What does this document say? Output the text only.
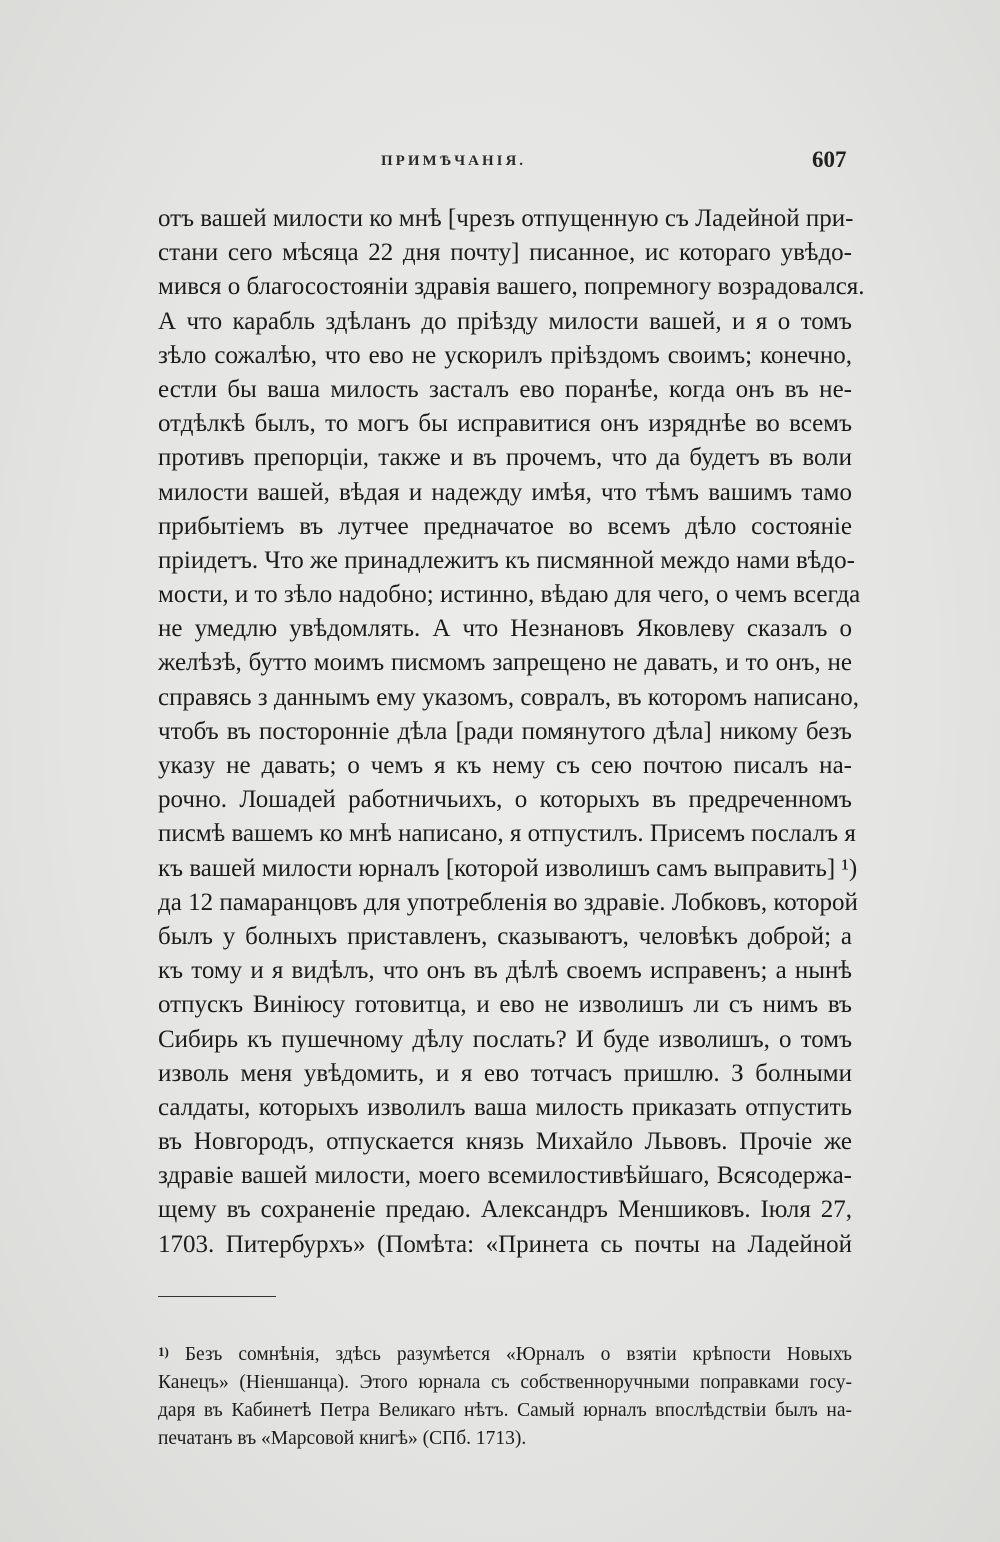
ПРИМѢЧАНІЯ.	607
отъ вашей милости ко мнѣ [чрезъ отпущенную съ Ладейной при-
стани сего мѣсяца 22 дня почту] писанное, ис котораго увѣдо-
мився о благосостояніи здравія вашего, попремногу возрадовался.
А что карабль здѣланъ до пріѣзду милости вашей, и я о томъ
зѣло сожалѣю, что ево не ускорилъ пріѣздомъ своимъ; конечно,
естли бы ваша милость засталъ ево поранѣе, когда онъ въ не-
отдѣлкѣ былъ, то могъ бы исправитися онъ изряднѣе во всемъ
противъ препорціи, также и въ прочемъ, что да будетъ въ воли
милости вашей, вѣдая и надежду имѣя, что тѣмъ вашимъ тамо
прибытіемъ въ лутчее предначатое во всемъ дѣло состояніе
пріидетъ. Что же принадлежитъ къ писмянной междо нами вѣдо-
мости, и то зѣло надобно; истинно, вѣдаю для чего, о чемъ всегда
не умедлю увѣдомлять. А что Незнановъ Яковлеву сказалъ о
желѣзѣ, бутто моимъ писмомъ запрещено не давать, и то онъ, не
справясь з даннымъ ему указомъ, совралъ, въ которомъ написано,
чтобъ въ посторонніе дѣла [ради помянутого дѣла] никому безъ
указу не давать; о чемъ я къ нему съ сею почтою писалъ на-
рочно. Лошадей работничьихъ, о которыхъ въ предреченномъ
писмѣ вашемъ ко мнѣ написано, я отпустилъ. Присемъ послалъ я
къ вашей милости юрналъ [которой изволишъ самъ выправить] ¹)
да 12 памаранцовъ для употребленія во здравіе. Лобковъ, которой
былъ у болныхъ приставленъ, сказываютъ, человѣкъ доброй; а
къ тому и я видѣлъ, что онъ въ дѣлѣ своемъ исправенъ; а нынѣ
отпускъ Виніюсу готовитца, и ево не изволишъ ли съ нимъ въ
Сибирь къ пушечному дѣлу послать? И буде изволишъ, о томъ
изволь меня увѣдомить, и я ево тотчасъ пришлю. З болными
салдаты, которыхъ изволилъ ваша милость приказать отпустить
въ Новгородъ, отпускается князь Михайло Львовъ. Прочіе же
здравіе вашей милости, моего всемилостивѣйшаго, Всясодержа-
щему въ сохраненіе предаю. Александръ Меншиковъ. Іюля 27,
1703. Питербурхъ» (Помѣта: «Принета сь почты на Ладейной
$^{1)}$ Безъ сомнѣнія, здѣсь разумѣется «Юрналъ о взятіи крѣпости Новыхъ
Канецъ» (Ніеншанца). Этого юрнала съ собственноручными поправками госу-
даря въ Кабинетѣ Петра Великаго нѣтъ. Самый юрналъ впослѣдствіи былъ на-
печатанъ въ «Марсовой книгѣ» (СПб. 1713).
